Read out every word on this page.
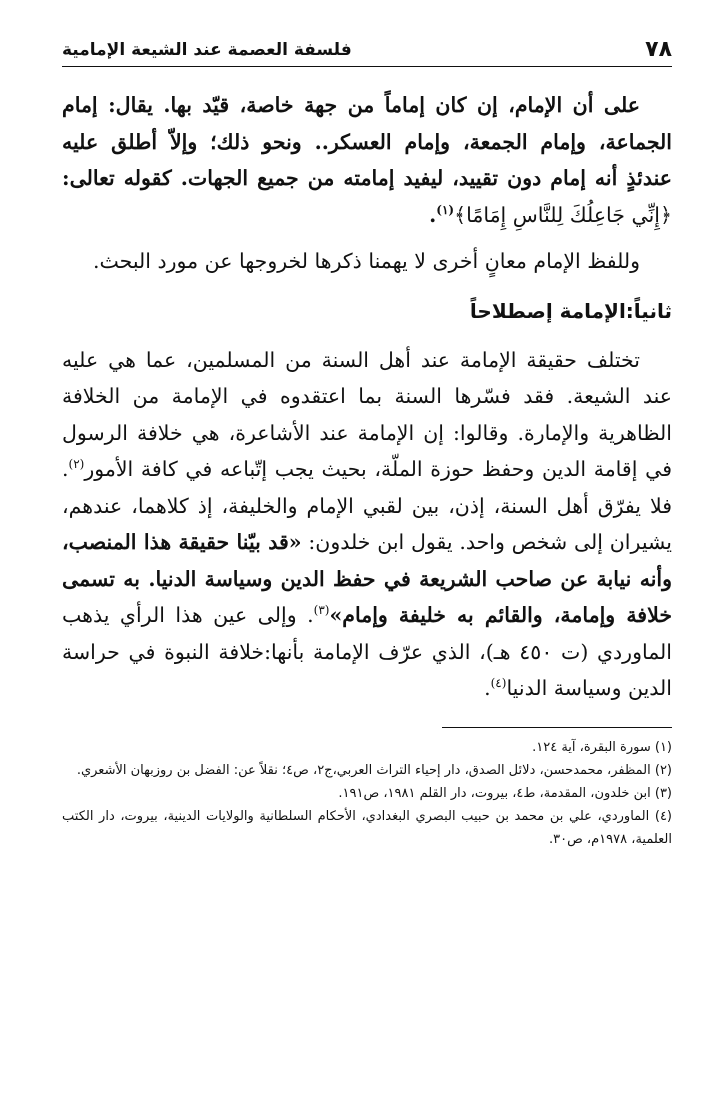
٧٨
فلسفة العصمة عند الشيعة الإمامية

على أن الإمام، إن كان إماماً من جهة خاصة، قيّد بها. يقال: إمام الجماعة، وإمام الجمعة، وإمام العسكر.. ونحو ذلك؛ وإلاّ أطلق عليه عندئذٍ أنه إمام دون تقييد، ليفيد إمامته من جميع الجهات. كقوله تعالى: ﴿إِنِّي جَاعِلُكَ لِلنَّاسِ إِمَامًا﴾$^{(١)}$.

وللفظ الإمام معانٍ أخرى لا يهمنا ذكرها لخروجها عن مورد البحث.

ثانياً:الإمامة إصطلاحاً

تختلف حقيقة الإمامة عند أهل السنة من المسلمين، عما هي عليه عند الشيعة. فقد فسّرها السنة بما اعتقدوه في الإمامة من الخلافة الظاهرية والإمارة. وقالوا: إن الإمامة عند الأشاعرة، هي خلافة الرسول في إقامة الدين وحفظ حوزة الملّة، بحيث يجب إتّباعه في كافة الأمور$^{(٢)}$. فلا يفرّق أهل السنة، إذن، بين لقبي الإمام والخليفة، إذ كلاهما، عندهم، يشيران إلى شخص واحد. يقول ابن خلدون: «قد بيّنا حقيقة هذا المنصب، وأنه نيابة عن صاحب الشريعة في حفظ الدين وسياسة الدنيا. به تسمى خلافة وإمامة، والقائم به خليفة وإمام»$^{(٣)}$. وإلى عين هذا الرأي يذهب الماوردي (ت ٤٥٠ هـ)، الذي عرّف الإمامة بأنها:خلافة النبوة في حراسة الدين وسياسة الدنيا$^{(٤)}$.

(١) سورة البقرة، آية ١٢٤.
(٢) المظفر، محمدحسن، دلائل الصدق، دار إحياء التراث العربي،ج٢، ص٤؛ نقلاً عن: الفضل بن روزبهان الأشعري.
(٣) ابن خلدون، المقدمة، ط٤، بيروت، دار القلم ١٩٨١، ص١٩١.
(٤) الماوردي، علي بن محمد بن حبيب البصري البغدادي، الأحكام السلطانية والولايات الدينية، بيروت، دار الكتب العلمية، ١٩٧٨م، ص٣٠.
